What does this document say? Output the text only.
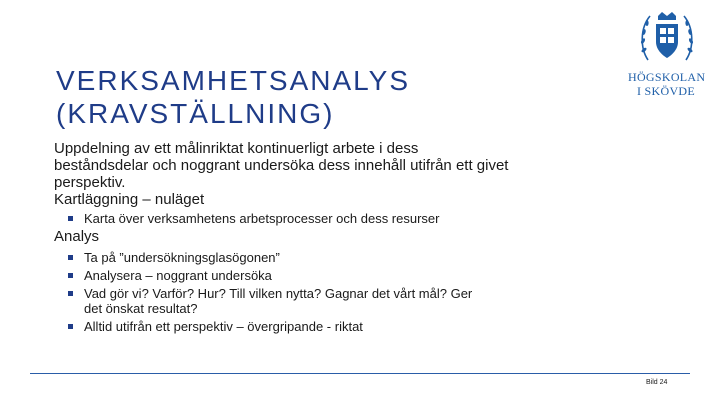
VERKSAMHETSANALYS
(KRAVSTÄLLNING)
HÖGSKOLAN
I SKÖVDE

Uppdelning av ett målinriktat kontinuerligt arbete i dess
beståndsdelar och noggrant undersöka dess innehåll utifrån ett givet
perspektiv.

Kartläggning – nuläget

Karta över verksamhetens arbetsprocesser och dess resurser

Analys

Ta på ”undersökningsglasögonen”
Analysera – noggrant undersöka
Vad gör vi? Varför? Hur? Till vilken nytta? Gagnar det vårt mål? Ger
det önskat resultat?
Alltid utifrån ett perspektiv – övergripande - riktat
Bild 24
